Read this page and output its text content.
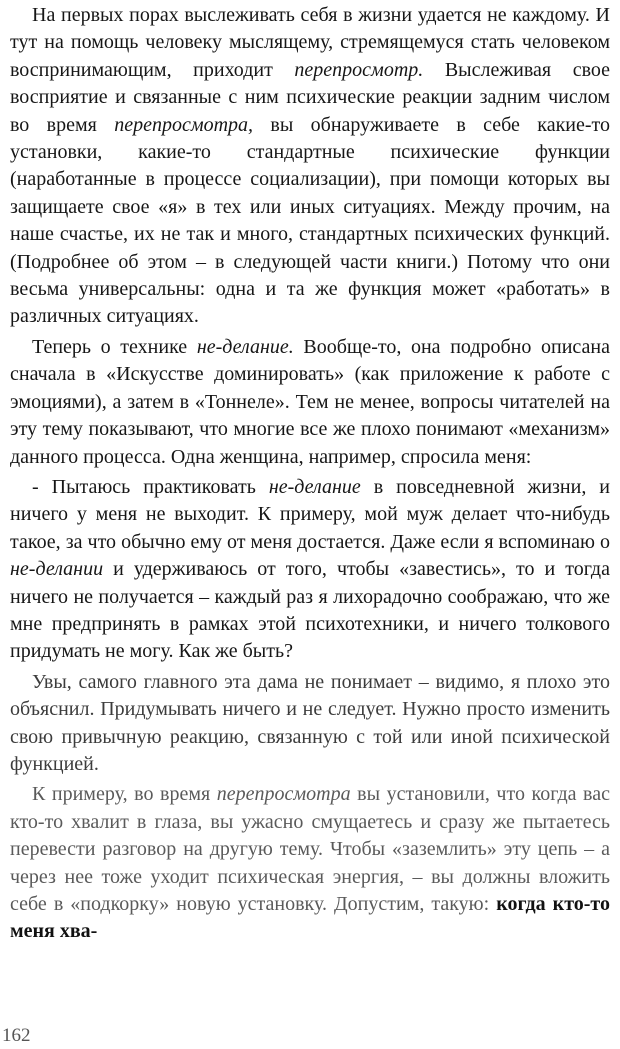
На первых порах выслеживать себя в жизни удается не каждому. И тут на помощь человеку мыслящему, стремящемуся стать человеком воспринимающим, приходит перепросмотр. Выслеживая свое восприятие и связанные с ним психические реакции задним числом во время перепросмотра, вы обнаруживаете в себе какие-то установки, какие-то стандартные психические функции (наработанные в процессе социализации), при помощи которых вы защищаете свое «я» в тех или иных ситуациях. Между прочим, на наше счастье, их не так и много, стандартных психических функций. (Подробнее об этом – в следующей части книги.) Потому что они весьма универсальны: одна и та же функция может «работать» в различных ситуациях.

Теперь о технике не-делание. Вообще-то, она подробно описана сначала в «Искусстве доминировать» (как приложение к работе с эмоциями), а затем в «Тоннеле». Тем не менее, вопросы читателей на эту тему показывают, что многие все же плохо понимают «механизм» данного процесса. Одна женщина, например, спросила меня:

- Пытаюсь практиковать не-делание в повседневной жизни, и ничего у меня не выходит. К примеру, мой муж делает что-нибудь такое, за что обычно ему от меня достается. Даже если я вспоминаю о не-делании и удерживаюсь от того, чтобы «завестись», то и тогда ничего не получается – каждый раз я лихорадочно соображаю, что же мне предпринять в рамках этой психотехники, и ничего толкового придумать не могу. Как же быть?

Увы, самого главного эта дама не понимает – видимо, я плохо это объяснил. Придумывать ничего и не следует. Нужно просто изменить свою привычную реакцию, связанную с той или иной психической функцией.

К примеру, во время перепросмотра вы установили, что когда вас кто-то хвалит в глаза, вы ужасно смущаетесь и сразу же пытаетесь перевести разговор на другую тему. Чтобы «заземлить» эту цепь – а через нее тоже уходит психическая энергия, – вы должны вложить себе в «подкорку» новую установку. Допустим, такую: когда кто-то меня хва-

162
